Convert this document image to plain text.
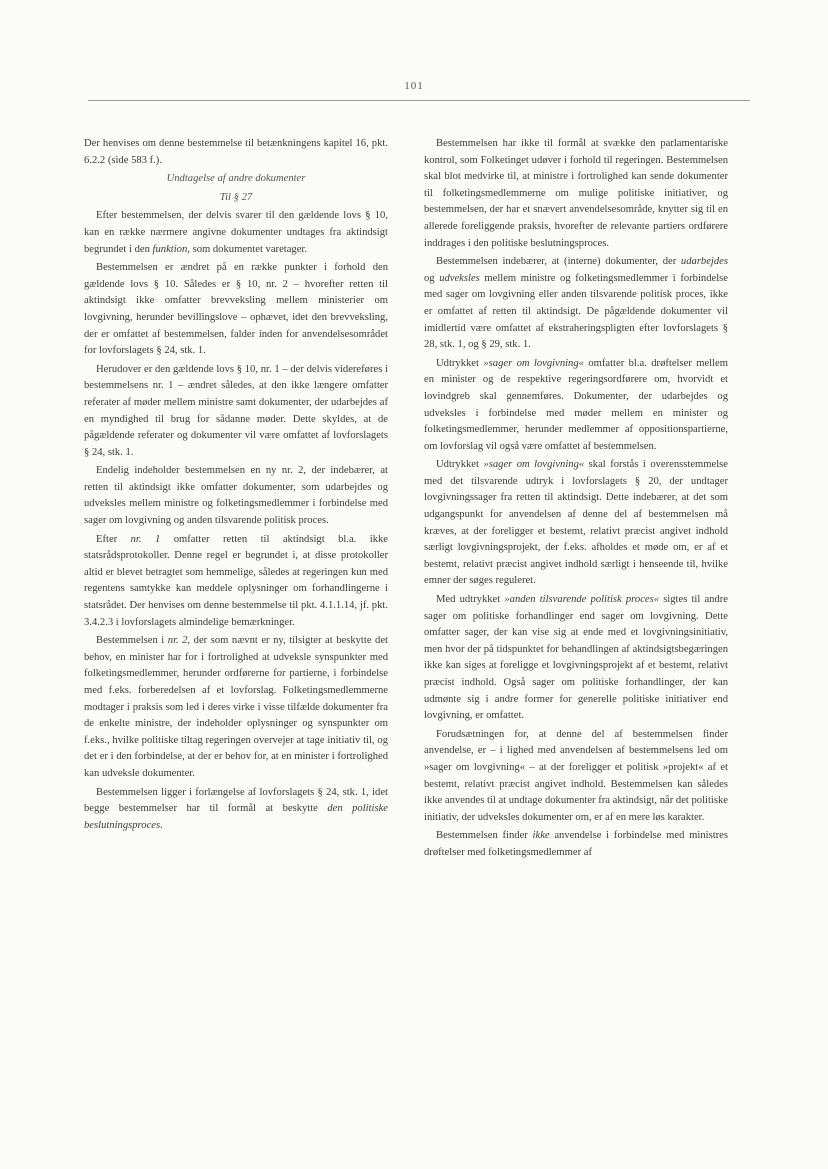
101

Der henvises om denne bestemmelse til betænkningens kapitel 16, pkt. 6.2.2 (side 583 f.).

Undtagelse af andre dokumenter

Til § 27

Efter bestemmelsen, der delvis svarer til den gældende lovs § 10, kan en række nærmere angivne dokumenter undtages fra aktindsigt begrundet i den funktion, som dokumentet varetager.

Bestemmelsen er ændret på en række punkter i forhold den gældende lovs § 10. Således er § 10, nr. 2 – hvorefter retten til aktindsigt ikke omfatter brevveksling mellem ministerier om lovgivning, herunder bevillingslove – ophævet, idet den brevveksling, der er omfattet af bestemmelsen, falder inden for anvendelsesområdet for lovforslagets § 24, stk. 1.

Herudover er den gældende lovs § 10, nr. 1 – der delvis videreføres i bestemmelsens nr. 1 – ændret således, at den ikke længere omfatter referater af møder mellem ministre samt dokumenter, der udarbejdes af en myndighed til brug for sådanne møder. Dette skyldes, at de pågældende referater og dokumenter vil være omfattet af lovforslagets § 24, stk. 1.

Endelig indeholder bestemmelsen en ny nr. 2, der indebærer, at retten til aktindsigt ikke omfatter dokumenter, som udarbejdes og udveksles mellem ministre og folketingsmedlemmer i forbindelse med sager om lovgivning og anden tilsvarende politisk proces.

Efter nr. 1 omfatter retten til aktindsigt bl.a. ikke statsrådsprotokoller. Denne regel er begrundet i, at disse protokoller altid er blevet betragtet som hemmelige, således at regeringen kun med regentens samtykke kan meddele oplysninger om forhandlingerne i statsrådet. Der henvises om denne bestemmelse til pkt. 4.1.1.14, jf. pkt. 3.4.2.3 i lovforslagets almindelige bemærkninger.

Bestemmelsen i nr. 2, der som nævnt er ny, tilsigter at beskytte det behov, en minister har for i fortrolighed at udveksle synspunkter med folketingsmedlemmer, herunder ordførerne for partierne, i forbindelse med f.eks. forberedelsen af et lovforslag. Folketingsmedlemmerne modtager i praksis som led i deres virke i visse tilfælde dokumenter fra de enkelte ministre, der indeholder oplysninger og synspunkter om f.eks., hvilke politiske tiltag regeringen overvejer at tage initiativ til, og det er i den forbindelse, at der er behov for, at en minister i fortrolighed kan udveksle dokumenter.

Bestemmelsen ligger i forlængelse af lovforslagets § 24, stk. 1, idet begge bestemmelser har til formål at beskytte den politiske beslutningsproces.

Bestemmelsen har ikke til formål at svække den parlamentariske kontrol, som Folketinget udøver i forhold til regeringen. Bestemmelsen skal blot medvirke til, at ministre i fortrolighed kan sende dokumenter til folketingsmedlemmerne om mulige politiske initiativer, og bestemmelsen, der har et snævert anvendelsesområde, knytter sig til en allerede foreliggende praksis, hvorefter de relevante partiers ordførere inddrages i den politiske beslutningsproces.

Bestemmelsen indebærer, at (interne) dokumenter, der udarbejdes og udveksles mellem ministre og folketingsmedlemmer i forbindelse med sager om lovgivning eller anden tilsvarende politisk proces, ikke er omfattet af retten til aktindsigt. De pågældende dokumenter vil imidlertid være omfattet af ekstraheringspligten efter lovforslagets § 28, stk. 1, og § 29, stk. 1.

Udtrykket »sager om lovgivning« omfatter bl.a. drøftelser mellem en minister og de respektive regeringsordførere om, hvorvidt et lovindgreb skal gennemføres. Dokumenter, der udarbejdes og udveksles i forbindelse med møder mellem en minister og folketingsmedlemmer, herunder medlemmer af oppositionspartierne, om lovforslag vil også være omfattet af bestemmelsen.

Udtrykket »sager om lovgivning« skal forstås i overensstemmelse med det tilsvarende udtryk i lovforslagets § 20, der undtager lovgivningssager fra retten til aktindsigt. Dette indebærer, at det som udgangspunkt for anvendelsen af denne del af bestemmelsen må kræves, at der foreligger et bestemt, relativt præcist angivet indhold særligt lovgivningsprojekt, der f.eks. afholdes et møde om, er af et bestemt, relativt præcist angivet indhold særligt i henseende til, hvilke emner der søges reguleret.

Med udtrykket »anden tilsvarende politisk proces« sigtes til andre sager om politiske forhandlinger end sager om lovgivning. Dette omfatter sager, der kan vise sig at ende med et lovgivningsinitiativ, men hvor der på tidspunktet for behandlingen af aktindsigtsbegæringen ikke kan siges at foreligge et lovgivningsprojekt af et bestemt, relativt præcist indhold. Også sager om politiske forhandlinger, der kan udmønte sig i andre former for generelle politiske initiativer end lovgivning, er omfattet.

Forudsætningen for, at denne del af bestemmelsen finder anvendelse, er – i lighed med anvendelsen af bestemmelsens led om »sager om lovgivning« – at der foreligger et politisk »projekt« af et bestemt, relativt præcist angivet indhold. Bestemmelsen kan således ikke anvendes til at undtage dokumenter fra aktindsigt, når det politiske initiativ, der udveksles dokumenter om, er af en mere løs karakter.

Bestemmelsen finder ikke anvendelse i forbindelse med ministres drøftelser med folketingsmedlemmer af
